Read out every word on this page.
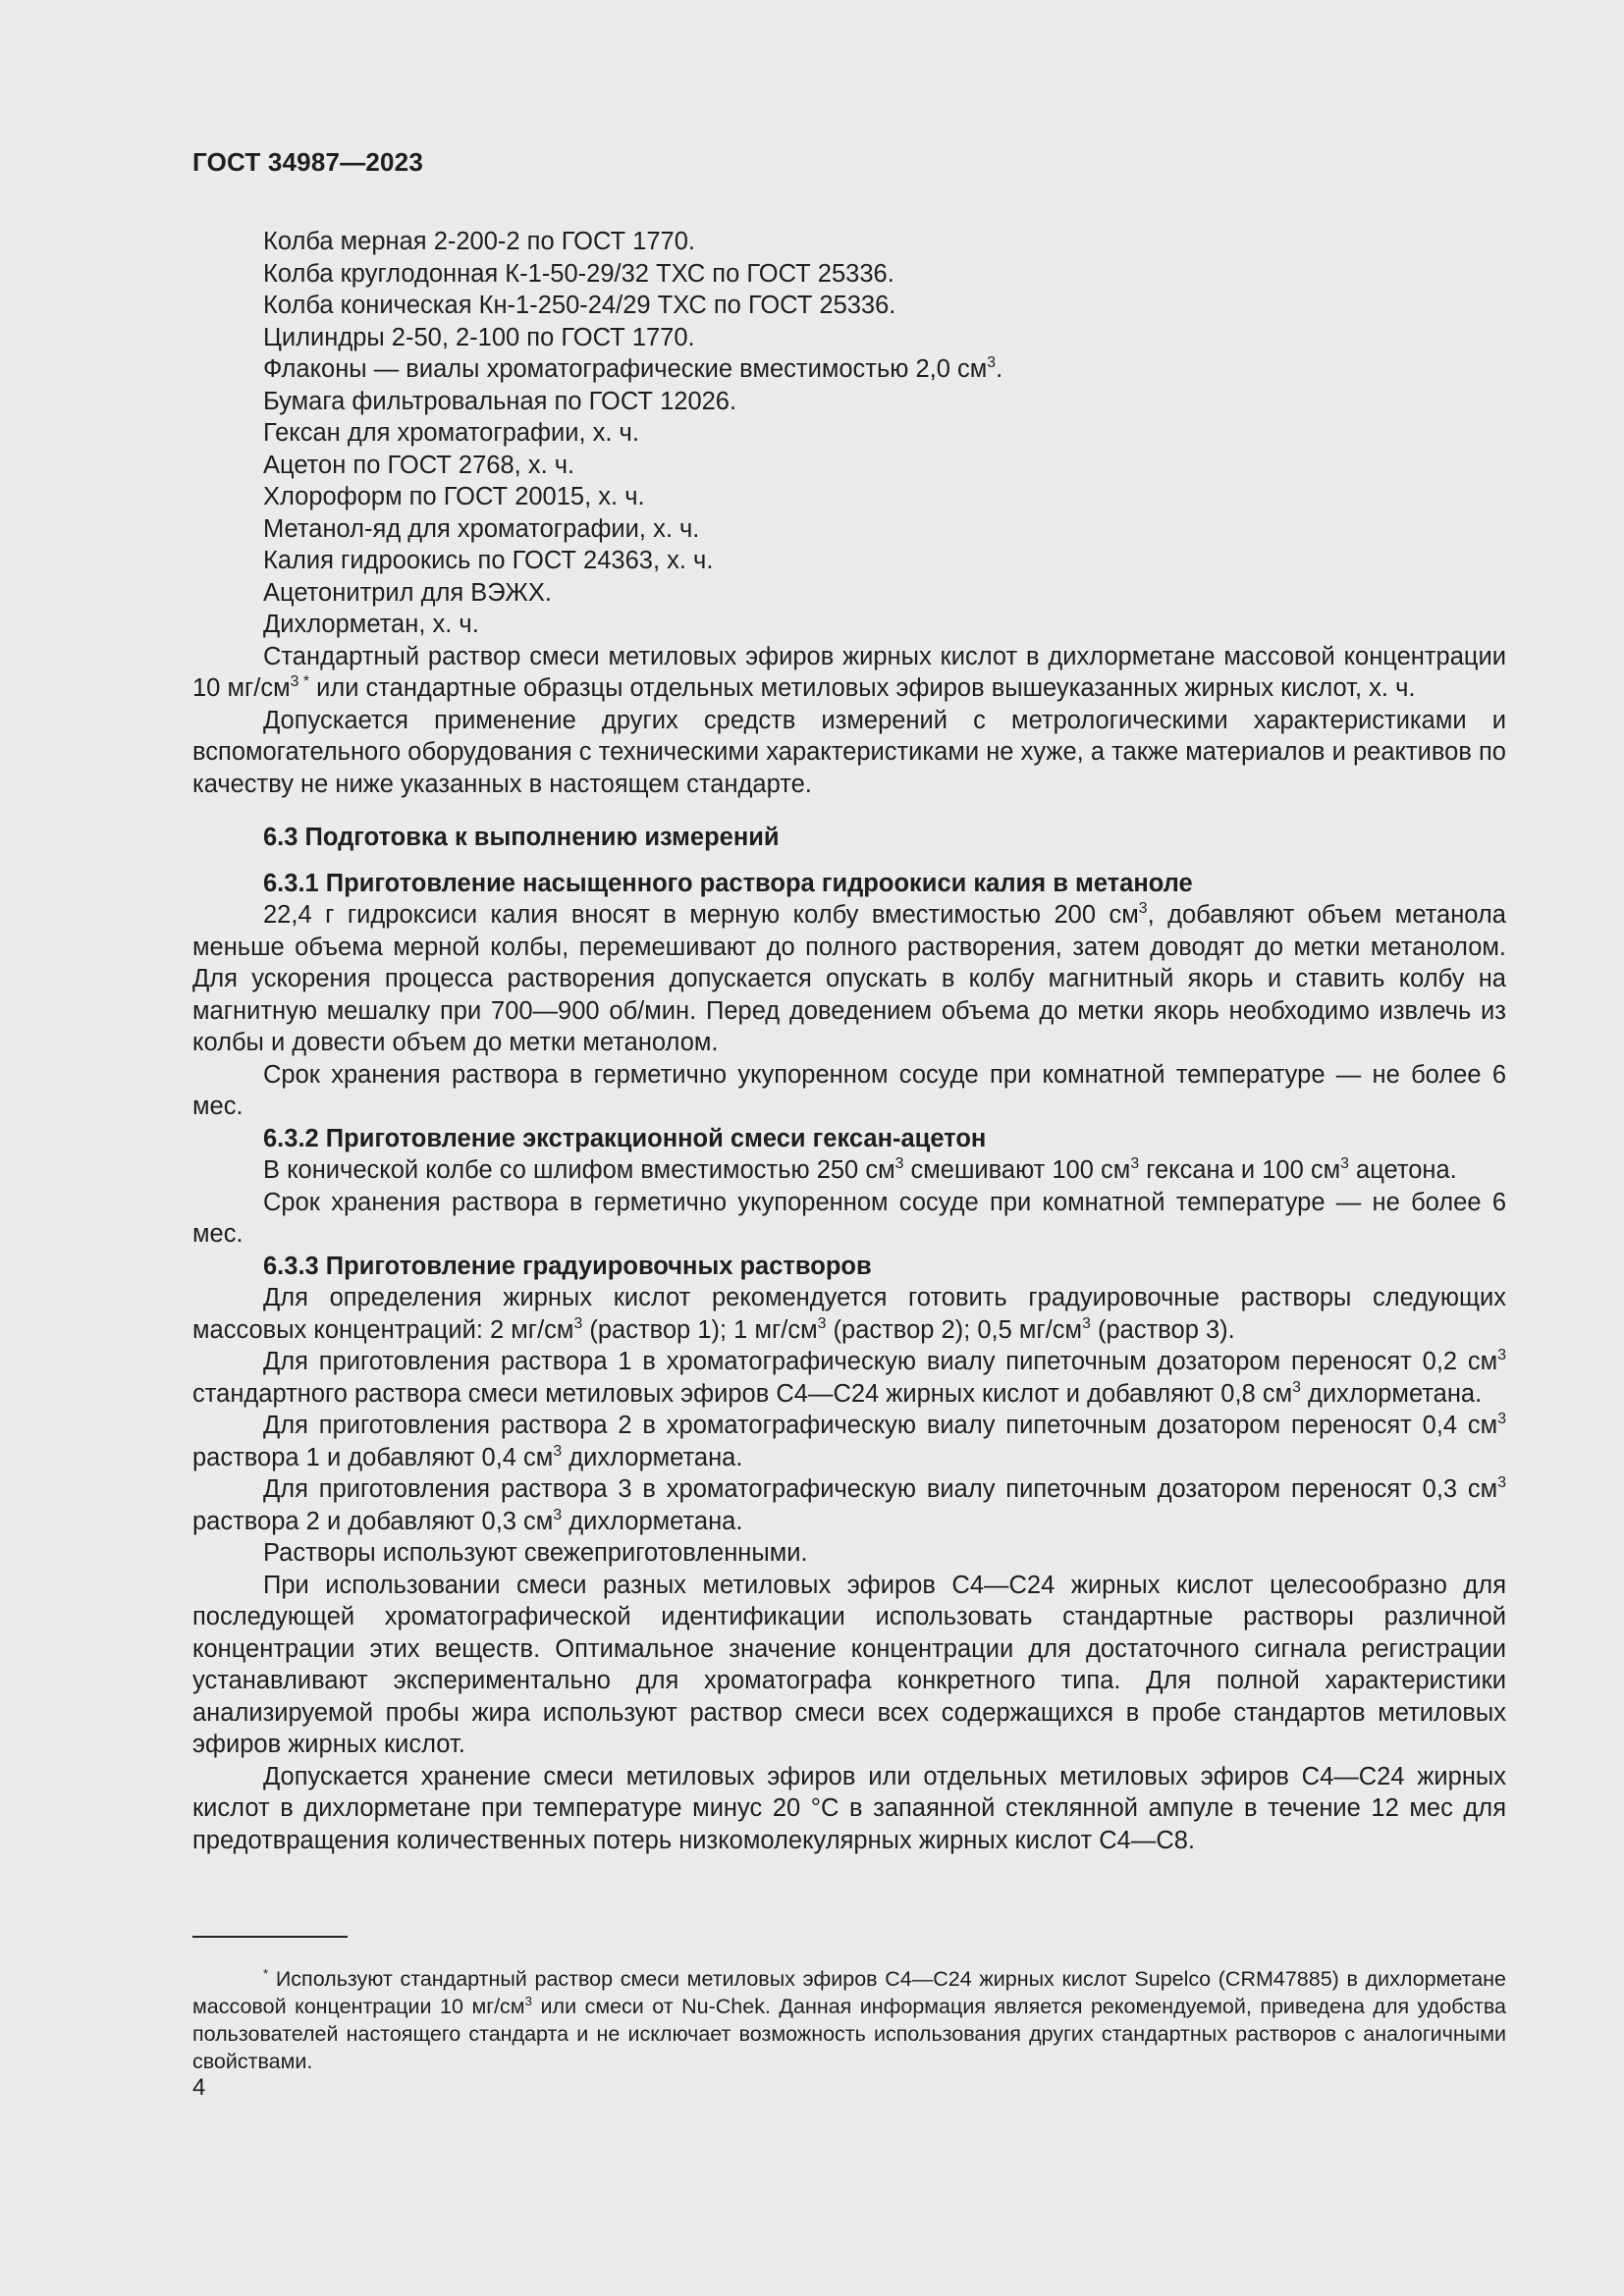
ГОСТ 34987—2023

Колба мерная 2-200-2 по ГОСТ 1770.

Колба круглодонная К-1-50-29/32 ТХС по ГОСТ 25336.

Колба коническая Кн-1-250-24/29 ТХС по ГОСТ 25336.

Цилиндры 2-50, 2-100 по ГОСТ 1770.

Флаконы — виалы хроматографические вместимостью 2,0 $см^3$.

Бумага фильтровальная по ГОСТ 12026.

Гексан для хроматографии, х. ч.

Ацетон по ГОСТ 2768, х. ч.

Хлороформ по ГОСТ 20015, х. ч.

Метанол-яд для хроматографии, х. ч.

Калия гидроокись по ГОСТ 24363, х. ч.

Ацетонитрил для ВЭЖХ.

Дихлорметан, х. ч.

Стандартный раствор смеси метиловых эфиров жирных кислот в дихлорметане массовой концентрации 10 $мг/см^{3 *}$ или стандартные образцы отдельных метиловых эфиров вышеуказанных жирных кислот, х. ч.

Допускается применение других средств измерений с метрологическими характеристиками и вспомогательного оборудования с техническими характеристиками не хуже, а также материалов и реактивов по качеству не ниже указанных в настоящем стандарте.

6.3 Подготовка к выполнению измерений

6.3.1 Приготовление насыщенного раствора гидроокиси калия в метаноле

22,4 г гидроксиси калия вносят в мерную колбу вместимостью 200 $см^3$, добавляют объем метанола меньше объема мерной колбы, перемешивают до полного растворения, затем доводят до метки метанолом. Для ускорения процесса растворения допускается опускать в колбу магнитный якорь и ставить колбу на магнитную мешалку при 700—900 об/мин. Перед доведением объема до метки якорь необходимо извлечь из колбы и довести объем до метки метанолом.

Срок хранения раствора в герметично укупоренном сосуде при комнатной температуре — не более 6 мес.

6.3.2 Приготовление экстракционной смеси гексан-ацетон

В конической колбе со шлифом вместимостью 250 $см^3$ смешивают 100 $см^3$ гексана и 100 $см^3$ ацетона.

Срок хранения раствора в герметично укупоренном сосуде при комнатной температуре — не более 6 мес.

6.3.3 Приготовление градуировочных растворов

Для определения жирных кислот рекомендуется готовить градуировочные растворы следующих массовых концентраций: 2 $мг/см^3$ (раствор 1); 1 $мг/см^3$ (раствор 2); 0,5 $мг/см^3$ (раствор 3).

Для приготовления раствора 1 в хроматографическую виалу пипеточным дозатором переносят 0,2 $см^3$ стандартного раствора смеси метиловых эфиров С4—С24 жирных кислот и добавляют 0,8 $см^3$ дихлорметана.

Для приготовления раствора 2 в хроматографическую виалу пипеточным дозатором переносят 0,4 $см^3$ раствора 1 и добавляют 0,4 $см^3$ дихлорметана.

Для приготовления раствора 3 в хроматографическую виалу пипеточным дозатором переносят 0,3 $см^3$ раствора 2 и добавляют 0,3 $см^3$ дихлорметана.

Растворы используют свежеприготовленными.

При использовании смеси разных метиловых эфиров С4—С24 жирных кислот целесообразно для последующей хроматографической идентификации использовать стандартные растворы различной концентрации этих веществ. Оптимальное значение концентрации для достаточного сигнала регистрации устанавливают экспериментально для хроматографа конкретного типа. Для полной характеристики анализируемой пробы жира используют раствор смеси всех содержащихся в пробе стандартов метиловых эфиров жирных кислот.

Допускается хранение смеси метиловых эфиров или отдельных метиловых эфиров С4—С24 жирных кислот в дихлорметане при температуре минус 20 °С в запаянной стеклянной ампуле в течение 12 мес для предотвращения количественных потерь низкомолекулярных жирных кислот С4—С8.

* Используют стандартный раствор смеси метиловых эфиров С4—С24 жирных кислот Supelco (CRM47885) в дихлорметане массовой концентрации 10 $мг/см^3$ или смеси от Nu-Chek. Данная информация является рекомендуемой, приведена для удобства пользователей настоящего стандарта и не исключает возможность использования других стандартных растворов с аналогичными свойствами.

4
